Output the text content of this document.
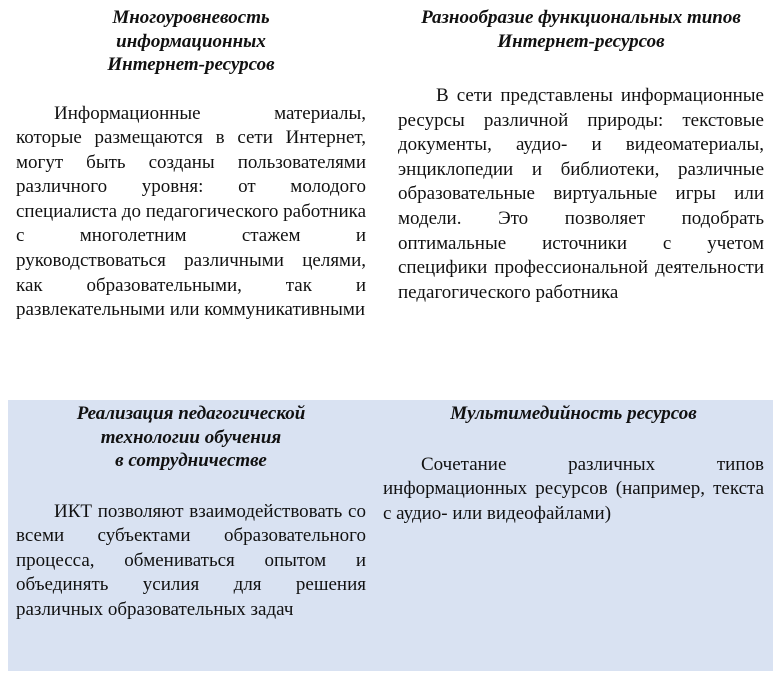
Многоуровневость
информационных
Интернет-ресурсов

Информационные материалы, которые размещаются в сети Интернет, могут быть созданы пользователями различного уровня: от молодого специалиста до педагогического работника с многолетним стажем и руководствоваться различными целями, как образовательными, так и развлекательными или коммуникативными

Разнообразие функциональных типов
Интернет-ресурсов

В сети представлены информационные ресурсы различной природы: текстовые документы, аудио- и видеоматериалы, энциклопедии и библиотеки, различные образовательные виртуальные игры или модели. Это позволяет подобрать оптимальные источники с учетом специфики профессиональной деятельности педагогического работника

Реализация педагогической
технологии обучения
в сотрудничестве

ИКТ позволяют взаимодействовать со всеми субъектами образовательного процесса, обмениваться опытом и объединять усилия для решения различных образовательных задач

Мультимедийность ресурсов

Сочетание различных типов информационных ресурсов (например, текста с аудио- или видеофайлами)
